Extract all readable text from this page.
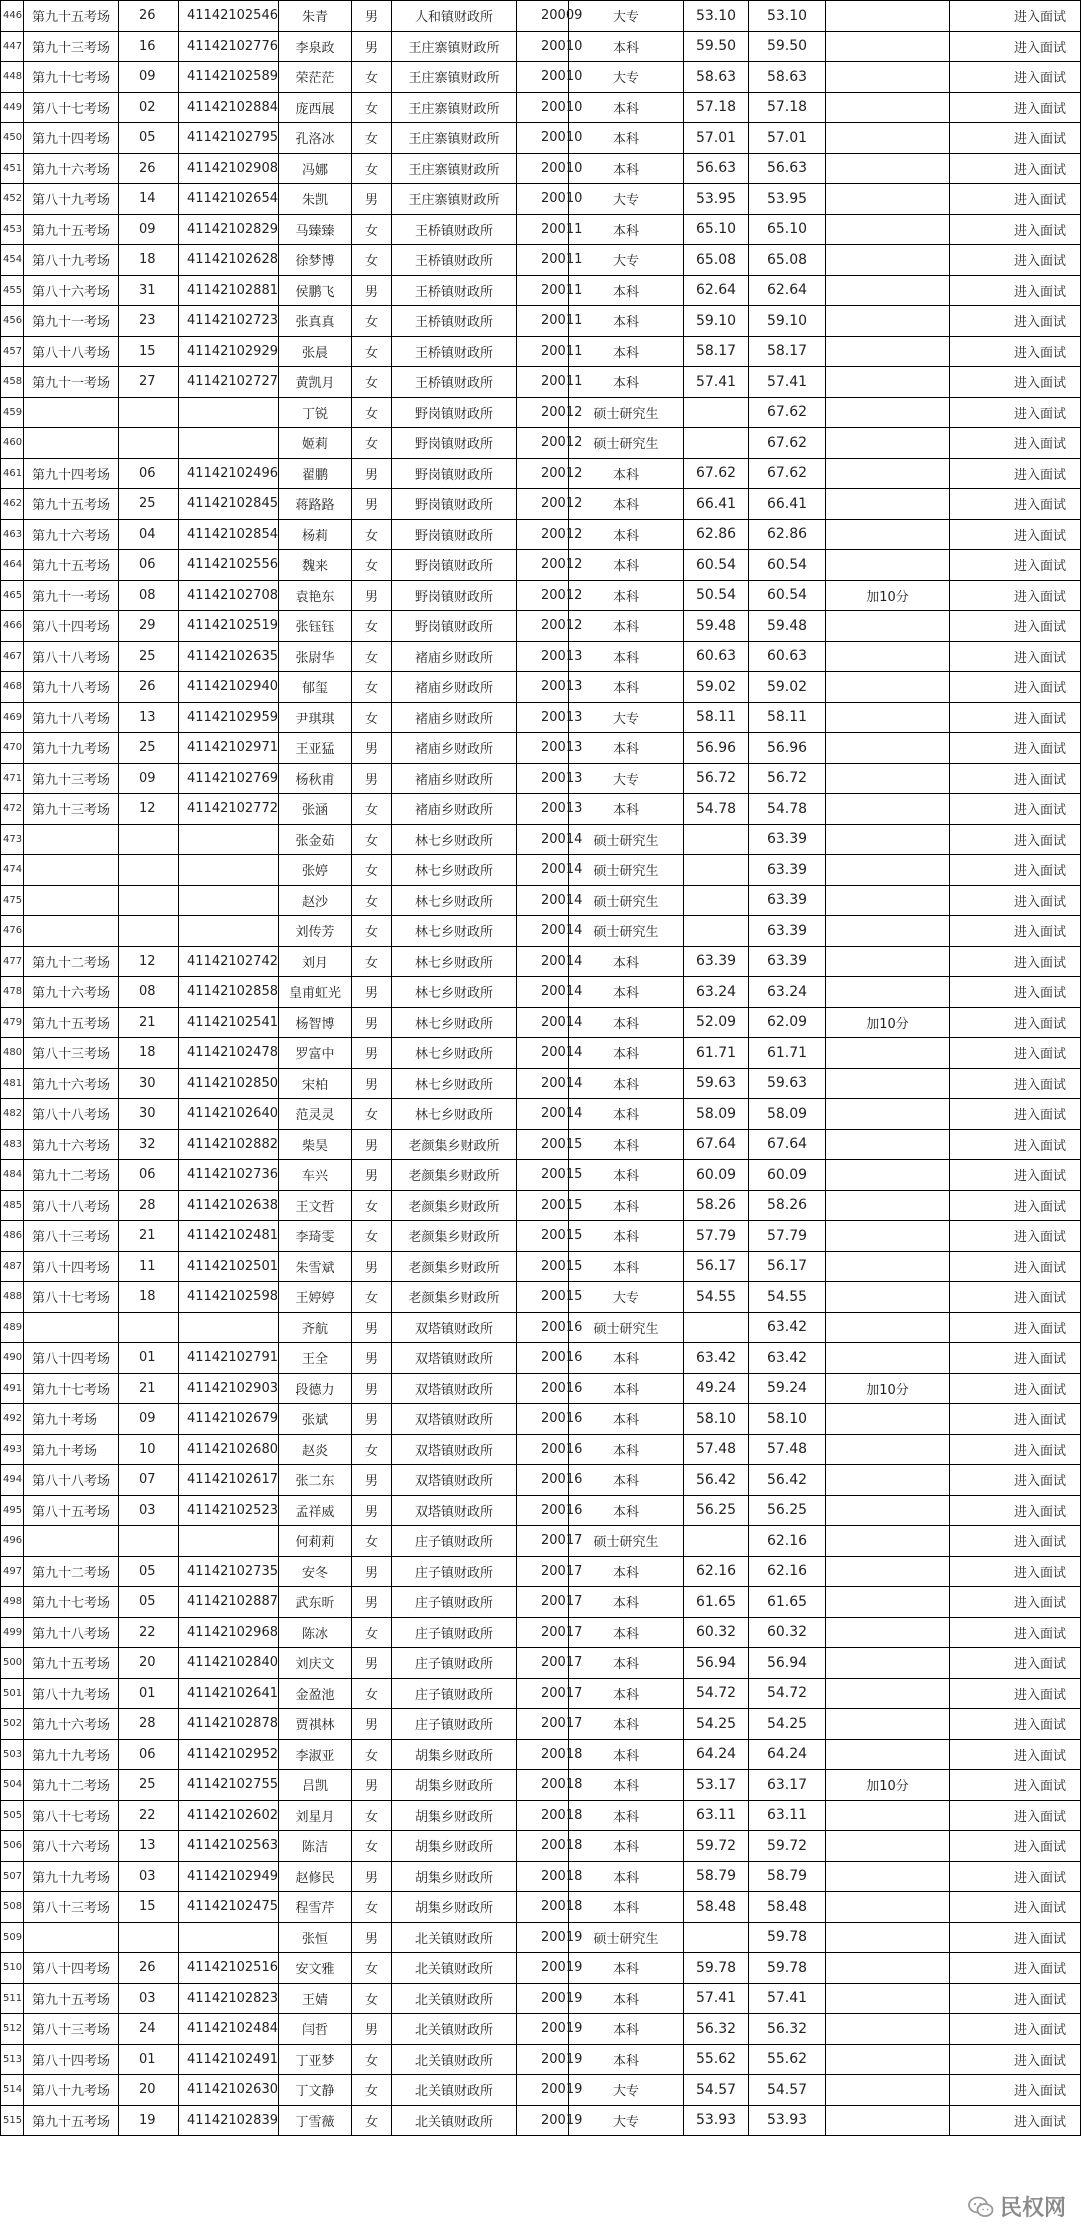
446	第九十五考场	26	41142102546	朱青	男	人和镇财政所	20009	大专	53.10	53.10		进入面试
447	第九十三考场	16	41142102776	李泉政	男	王庄寨镇财政所	20010	本科	59.50	59.50		进入面试
448	第九十七考场	09	41142102589	荣茫茫	女	王庄寨镇财政所	20010	大专	58.63	58.63		进入面试
449	第八十七考场	02	41142102884	庞西展	女	王庄寨镇财政所	20010	本科	57.18	57.18		进入面试
450	第九十四考场	05	41142102795	孔洛冰	女	王庄寨镇财政所	20010	本科	57.01	57.01		进入面试
451	第九十六考场	26	41142102908	冯娜	女	王庄寨镇财政所	20010	本科	56.63	56.63		进入面试
452	第八十九考场	14	41142102654	朱凯	男	王庄寨镇财政所	20010	大专	53.95	53.95		进入面试
453	第九十五考场	09	41142102829	马臻臻	女	王桥镇财政所	20011	本科	65.10	65.10		进入面试
454	第八十九考场	18	41142102628	徐梦博	女	王桥镇财政所	20011	大专	65.08	65.08		进入面试
455	第八十六考场	31	41142102881	侯鹏飞	男	王桥镇财政所	20011	本科	62.64	62.64		进入面试
456	第九十一考场	23	41142102723	张真真	女	王桥镇财政所	20011	本科	59.10	59.10		进入面试
457	第八十八考场	15	41142102929	张晨	女	王桥镇财政所	20011	本科	58.17	58.17		进入面试
458	第九十一考场	27	41142102727	黄凯月	女	王桥镇财政所	20011	本科	57.41	57.41		进入面试
459				丁锐	女	野岗镇财政所	20012	硕士研究生		67.62		进入面试
460				姬莉	女	野岗镇财政所	20012	硕士研究生		67.62		进入面试
461	第九十四考场	06	41142102496	翟鹏	男	野岗镇财政所	20012	本科	67.62	67.62		进入面试
462	第九十五考场	25	41142102845	蒋路路	男	野岗镇财政所	20012	本科	66.41	66.41		进入面试
463	第九十六考场	04	41142102854	杨莉	女	野岗镇财政所	20012	本科	62.86	62.86		进入面试
464	第九十五考场	06	41142102556	魏来	女	野岗镇财政所	20012	本科	60.54	60.54		进入面试
465	第九十一考场	08	41142102708	袁艳东	男	野岗镇财政所	20012	本科	50.54	60.54	加10分	进入面试
466	第八十四考场	29	41142102519	张钰钰	女	野岗镇财政所	20012	本科	59.48	59.48		进入面试
467	第八十八考场	25	41142102635	张尉华	女	褚庙乡财政所	20013	本科	60.63	60.63		进入面试
468	第九十八考场	26	41142102940	郁玺	女	褚庙乡财政所	20013	本科	59.02	59.02		进入面试
469	第九十八考场	13	41142102959	尹琪琪	女	褚庙乡财政所	20013	大专	58.11	58.11		进入面试
470	第九十九考场	25	41142102971	王亚猛	男	褚庙乡财政所	20013	本科	56.96	56.96		进入面试
471	第九十三考场	09	41142102769	杨秋甫	男	褚庙乡财政所	20013	大专	56.72	56.72		进入面试
472	第九十三考场	12	41142102772	张涵	女	褚庙乡财政所	20013	本科	54.78	54.78		进入面试
473				张金茹	女	林七乡财政所	20014	硕士研究生		63.39		进入面试
474				张婷	女	林七乡财政所	20014	硕士研究生		63.39		进入面试
475				赵沙	女	林七乡财政所	20014	硕士研究生		63.39		进入面试
476				刘传芳	女	林七乡财政所	20014	硕士研究生		63.39		进入面试
477	第九十二考场	12	41142102742	刘月	女	林七乡财政所	20014	本科	63.39	63.39		进入面试
478	第九十六考场	08	41142102858	皇甫虹光	男	林七乡财政所	20014	本科	63.24	63.24		进入面试
479	第九十五考场	21	41142102541	杨智博	男	林七乡财政所	20014	本科	52.09	62.09	加10分	进入面试
480	第八十三考场	18	41142102478	罗富中	男	林七乡财政所	20014	本科	61.71	61.71		进入面试
481	第九十六考场	30	41142102850	宋柏	男	林七乡财政所	20014	本科	59.63	59.63		进入面试
482	第八十八考场	30	41142102640	范灵灵	女	林七乡财政所	20014	本科	58.09	58.09		进入面试
483	第九十六考场	32	41142102882	柴昊	男	老颜集乡财政所	20015	本科	67.64	67.64		进入面试
484	第九十二考场	06	41142102736	车兴	男	老颜集乡财政所	20015	本科	60.09	60.09		进入面试
485	第八十八考场	28	41142102638	王文哲	女	老颜集乡财政所	20015	本科	58.26	58.26		进入面试
486	第八十三考场	21	41142102481	李琦雯	女	老颜集乡财政所	20015	本科	57.79	57.79		进入面试
487	第八十四考场	11	41142102501	朱雪斌	男	老颜集乡财政所	20015	本科	56.17	56.17		进入面试
488	第八十七考场	18	41142102598	王婷婷	女	老颜集乡财政所	20015	大专	54.55	54.55		进入面试
489				齐航	男	双塔镇财政所	20016	硕士研究生		63.42		进入面试
490	第八十四考场	01	41142102791	王全	男	双塔镇财政所	20016	本科	63.42	63.42		进入面试
491	第九十七考场	21	41142102903	段德力	男	双塔镇财政所	20016	本科	49.24	59.24	加10分	进入面试
492	第九十考场	09	41142102679	张斌	男	双塔镇财政所	20016	本科	58.10	58.10		进入面试
493	第九十考场	10	41142102680	赵炎	女	双塔镇财政所	20016	本科	57.48	57.48		进入面试
494	第八十八考场	07	41142102617	张二东	男	双塔镇财政所	20016	本科	56.42	56.42		进入面试
495	第八十五考场	03	41142102523	孟祥威	男	双塔镇财政所	20016	本科	56.25	56.25		进入面试
496				何莉莉	女	庄子镇财政所	20017	硕士研究生		62.16		进入面试
497	第九十二考场	05	41142102735	安冬	男	庄子镇财政所	20017	本科	62.16	62.16		进入面试
498	第九十七考场	05	41142102887	武东昕	男	庄子镇财政所	20017	本科	61.65	61.65		进入面试
499	第九十八考场	22	41142102968	陈冰	女	庄子镇财政所	20017	本科	60.32	60.32		进入面试
500	第九十五考场	20	41142102840	刘庆文	男	庄子镇财政所	20017	本科	56.94	56.94		进入面试
501	第八十九考场	01	41142102641	金盈池	女	庄子镇财政所	20017	本科	54.72	54.72		进入面试
502	第九十六考场	28	41142102878	贾祺林	男	庄子镇财政所	20017	本科	54.25	54.25		进入面试
503	第九十九考场	06	41142102952	李淑亚	女	胡集乡财政所	20018	本科	64.24	64.24		进入面试
504	第九十二考场	25	41142102755	吕凯	男	胡集乡财政所	20018	本科	53.17	63.17	加10分	进入面试
505	第八十七考场	22	41142102602	刘星月	女	胡集乡财政所	20018	本科	63.11	63.11		进入面试
506	第八十六考场	13	41142102563	陈洁	女	胡集乡财政所	20018	本科	59.72	59.72		进入面试
507	第九十九考场	03	41142102949	赵修民	男	胡集乡财政所	20018	本科	58.79	58.79		进入面试
508	第八十三考场	15	41142102475	程雪芹	女	胡集乡财政所	20018	本科	58.48	58.48		进入面试
509				张恒	男	北关镇财政所	20019	硕士研究生		59.78		进入面试
510	第八十四考场	26	41142102516	安文雅	女	北关镇财政所	20019	本科	59.78	59.78		进入面试
511	第九十五考场	03	41142102823	王婧	女	北关镇财政所	20019	本科	57.41	57.41		进入面试
512	第八十三考场	24	41142102484	闫哲	男	北关镇财政所	20019	本科	56.32	56.32		进入面试
513	第八十四考场	01	41142102491	丁亚梦	女	北关镇财政所	20019	本科	55.62	55.62		进入面试
514	第八十九考场	20	41142102630	丁文静	女	北关镇财政所	20019	大专	54.57	54.57		进入面试
515	第九十五考场	19	41142102839	丁雪薇	女	北关镇财政所	20019	大专	53.93	53.93		进入面试
民权网
